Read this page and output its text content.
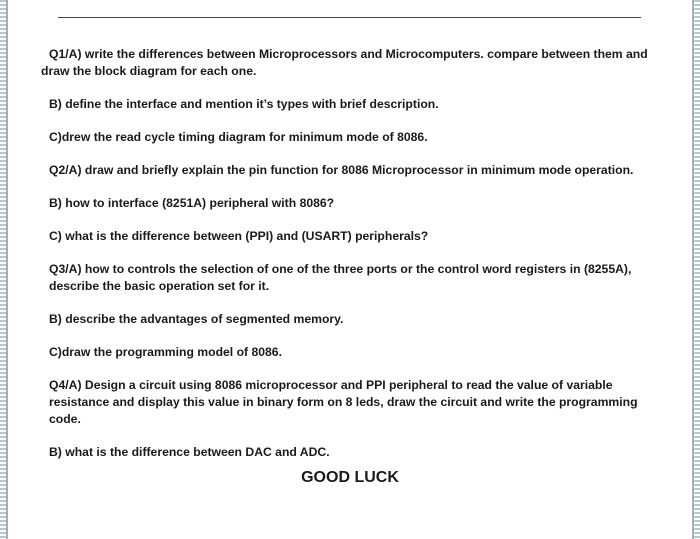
Q1/A) write the differences between Microprocessors and Microcomputers. compare between them and draw the block diagram for each one.
B) define the interface and mention it’s types with brief description.
C)drew the read cycle timing diagram for minimum mode of 8086.
Q2/A) draw and briefly explain the pin function for 8086 Microprocessor in minimum mode operation.
B) how to interface (8251A) peripheral with 8086?
C) what is the difference between (PPI) and (USART) peripherals?
Q3/A) how to controls the selection of one of the three ports or the control word registers in (8255A), describe the basic operation set for it.
B) describe the advantages of segmented memory.
C)draw the programming model of 8086.
Q4/A) Design a circuit using 8086 microprocessor and PPI peripheral to read the value of variable resistance and display this value in binary form on 8 leds, draw the circuit and write the programming code.
B) what is the difference between DAC and ADC.
GOOD LUCK
